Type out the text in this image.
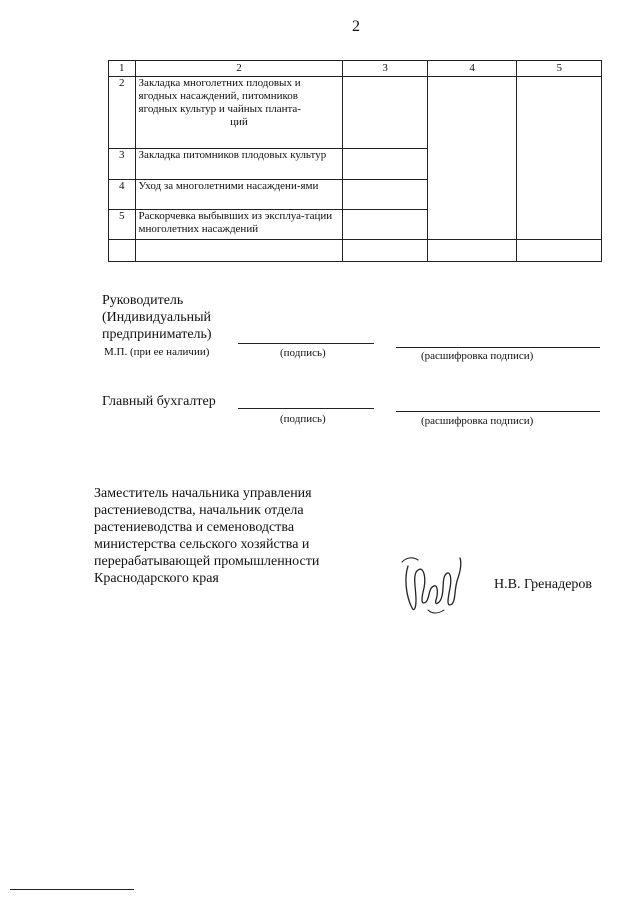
2
1	2	3	4	5
2	Закладка многолетних плодовых и ягодных насаждений, питомников ягодных культур и чайных планта-
ций			

3	Закладка питомников плодовых культур			
4	Уход за многолетними насаждени-ями			
5	Раскорчевка выбывших из эксплуа-тации многолетних насаждений			

Руководитель
(Индивидуальный
предприниматель)
М.П. (при ее наличии)	(подпись)	(расшифровка подписи)
Главный бухгалтер
(подпись)	(расшифровка подписи)
Заместитель начальника управления
растениеводства, начальник отдела
растениеводства и семеноводства
министерства сельского хозяйства и
перерабатывающей промышленности
Краснодарского края	Н.В. Гренадеров
